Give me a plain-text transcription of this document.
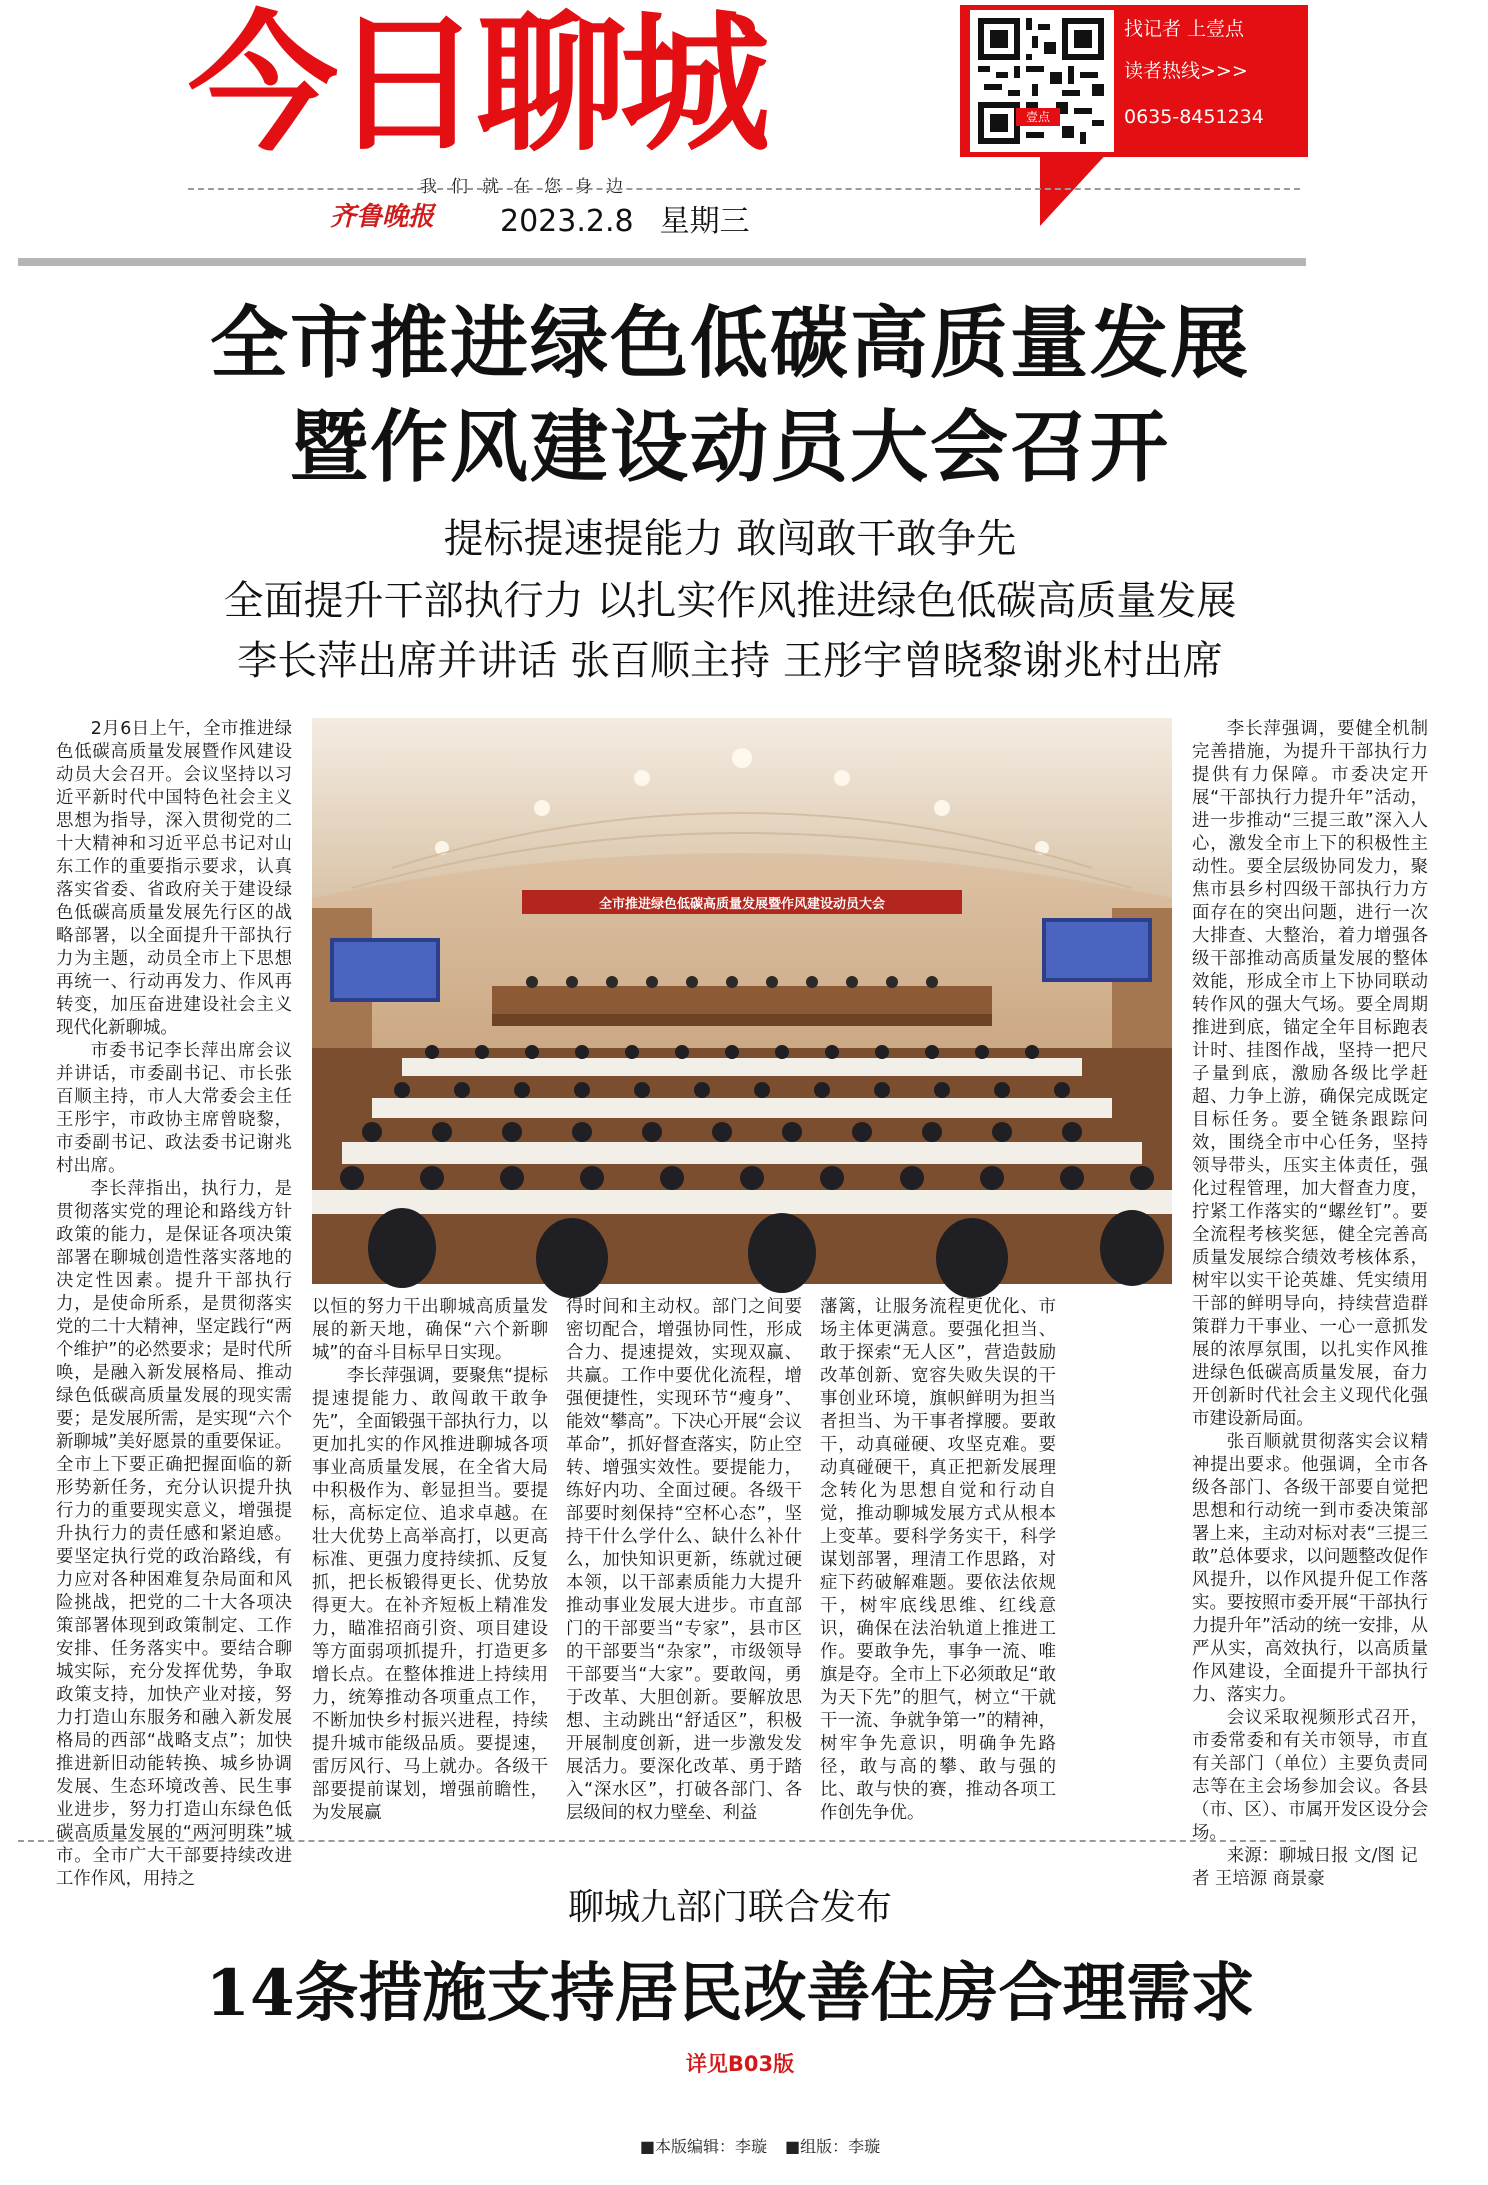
今日聊城	壹点
找记者 上壹点
读者热线>>>
0635-8451234
我们就在您身边
齐鲁晚报	2023.2.8 星期三
全市推进绿色低碳高质量发展
暨作风建设动员大会召开
提标提速提能力 敢闯敢干敢争先
全面提升干部执行力 以扎实作风推进绿色低碳高质量发展
李长萍出席并讲话 张百顺主持 王彤宇曾晓黎谢兆村出席

2月6日上午，全市推进绿色低碳高质量发展暨作风建设动员大会召开。会议坚持以习近平新时代中国特色社会主义思想为指导，深入贯彻党的二十大精神和习近平总书记对山东工作的重要指示要求，认真落实省委、省政府关于建设绿色低碳高质量发展先行区的战略部署，以全面提升干部执行力为主题，动员全市上下思想再统一、行动再发力、作风再转变，加压奋进建设社会主义现代化新聊城。

市委书记李长萍出席会议并讲话，市委副书记、市长张百顺主持，市人大常委会主任王彤宇，市政协主席曾晓黎，市委副书记、政法委书记谢兆村出席。

李长萍指出，执行力，是贯彻落实党的理论和路线方针政策的能力，是保证各项决策部署在聊城创造性落实落地的决定性因素。提升干部执行力，是使命所系，是贯彻落实党的二十大精神，坚定践行“两个维护”的必然要求；是时代所唤，是融入新发展格局、推动绿色低碳高质量发展的现实需要；是发展所需，是实现“六个新聊城”美好愿景的重要保证。全市上下要正确把握面临的新形势新任务，充分认识提升执行力的重要现实意义，增强提升执行力的责任感和紧迫感。要坚定执行党的政治路线，有力应对各种困难复杂局面和风险挑战，把党的二十大各项决策部署体现到政策制定、工作安排、任务落实中。要结合聊城实际，充分发挥优势，争取政策支持，加快产业对接，努力打造山东服务和融入新发展格局的西部“战略支点”；加快推进新旧动能转换、城乡协调发展、生态环境改善、民生事业进步，努力打造山东绿色低碳高质量发展的“两河明珠”城市。全市广大干部要持续改进工作作风，用持之

全市推进绿色低碳高质量发展暨作风建设动员大会

以恒的努力干出聊城高质量发展的新天地，确保“六个新聊城”的奋斗目标早日实现。

李长萍强调，要聚焦“提标提速提能力、敢闯敢干敢争先”，全面锻强干部执行力，以更加扎实的作风推进聊城各项事业高质量发展，在全省大局中积极作为、彰显担当。要提标，高标定位、追求卓越。在壮大优势上高举高打，以更高标准、更强力度持续抓、反复抓，把长板锻得更长、优势放得更大。在补齐短板上精准发力，瞄准招商引资、项目建设等方面弱项抓提升，打造更多增长点。在整体推进上持续用力，统筹推动各项重点工作，不断加快乡村振兴进程，持续提升城市能级品质。要提速，雷厉风行、马上就办。各级干部要提前谋划，增强前瞻性，为发展赢

得时间和主动权。部门之间要密切配合，增强协同性，形成合力、提速提效，实现双赢、共赢。工作中要优化流程，增强便捷性，实现环节“瘦身”、能效“攀高”。下决心开展“会议革命”，抓好督查落实，防止空转、增强实效性。要提能力，练好内功、全面过硬。各级干部要时刻保持“空杯心态”，坚持干什么学什么、缺什么补什么，加快知识更新，练就过硬本领，以干部素质能力大提升推动事业发展大进步。市直部门的干部要当“专家”，县市区的干部要当“杂家”，市级领导干部要当“大家”。要敢闯，勇于改革、大胆创新。要解放思想、主动跳出“舒适区”，积极开展制度创新，进一步激发发展活力。要深化改革、勇于踏入“深水区”，打破各部门、各层级间的权力壁垒、利益

藩篱，让服务流程更优化、市场主体更满意。要强化担当、敢于探索“无人区”，营造鼓励改革创新、宽容失败失误的干事创业环境，旗帜鲜明为担当者担当、为干事者撑腰。要敢干，动真碰硬、攻坚克难。要动真碰硬干，真正把新发展理念转化为思想自觉和行动自觉，推动聊城发展方式从根本上变革。要科学务实干，科学谋划部署，理清工作思路，对症下药破解难题。要依法依规干，树牢底线思维、红线意识，确保在法治轨道上推进工作。要敢争先，事争一流、唯旗是夺。全市上下必须敢足“敢为天下先”的胆气，树立“干就干一流、争就争第一”的精神，树牢争先意识，明确争先路径，敢与高的攀、敢与强的比、敢与快的赛，推动各项工作创先争优。

李长萍强调，要健全机制完善措施，为提升干部执行力提供有力保障。市委决定开展“干部执行力提升年”活动，进一步推动“三提三敢”深入人心，激发全市上下的积极性主动性。要全层级协同发力，聚焦市县乡村四级干部执行力方面存在的突出问题，进行一次大排查、大整治，着力增强各级干部推动高质量发展的整体效能，形成全市上下协同联动转作风的强大气场。要全周期推进到底，锚定全年目标跑表计时、挂图作战，坚持一把尺子量到底，激励各级比学赶超、力争上游，确保完成既定目标任务。要全链条跟踪问效，围绕全市中心任务，坚持领导带头，压实主体责任，强化过程管理，加大督查力度，拧紧工作落实的“螺丝钉”。要全流程考核奖惩，健全完善高质量发展综合绩效考核体系，树牢以实干论英雄、凭实绩用干部的鲜明导向，持续营造群策群力干事业、一心一意抓发展的浓厚氛围，以扎实作风推进绿色低碳高质量发展，奋力开创新时代社会主义现代化强市建设新局面。

张百顺就贯彻落实会议精神提出要求。他强调，全市各级各部门、各级干部要自觉把思想和行动统一到市委决策部署上来，主动对标对表“三提三敢”总体要求，以问题整改促作风提升，以作风提升促工作落实。要按照市委开展“干部执行力提升年”活动的统一安排，从严从实，高效执行，以高质量作风建设，全面提升干部执行力、落实力。

会议采取视频形式召开，市委常委和有关市领导，市直有关部门（单位）主要负责同志等在主会场参加会议。各县（市、区）、市属开发区设分会场。

来源：聊城日报 文/图 记者 王培源 商景豪

聊城九部门联合发布
14条措施支持居民改善住房合理需求
详见B03版
■本版编辑：李璇 ■组版：李璇
